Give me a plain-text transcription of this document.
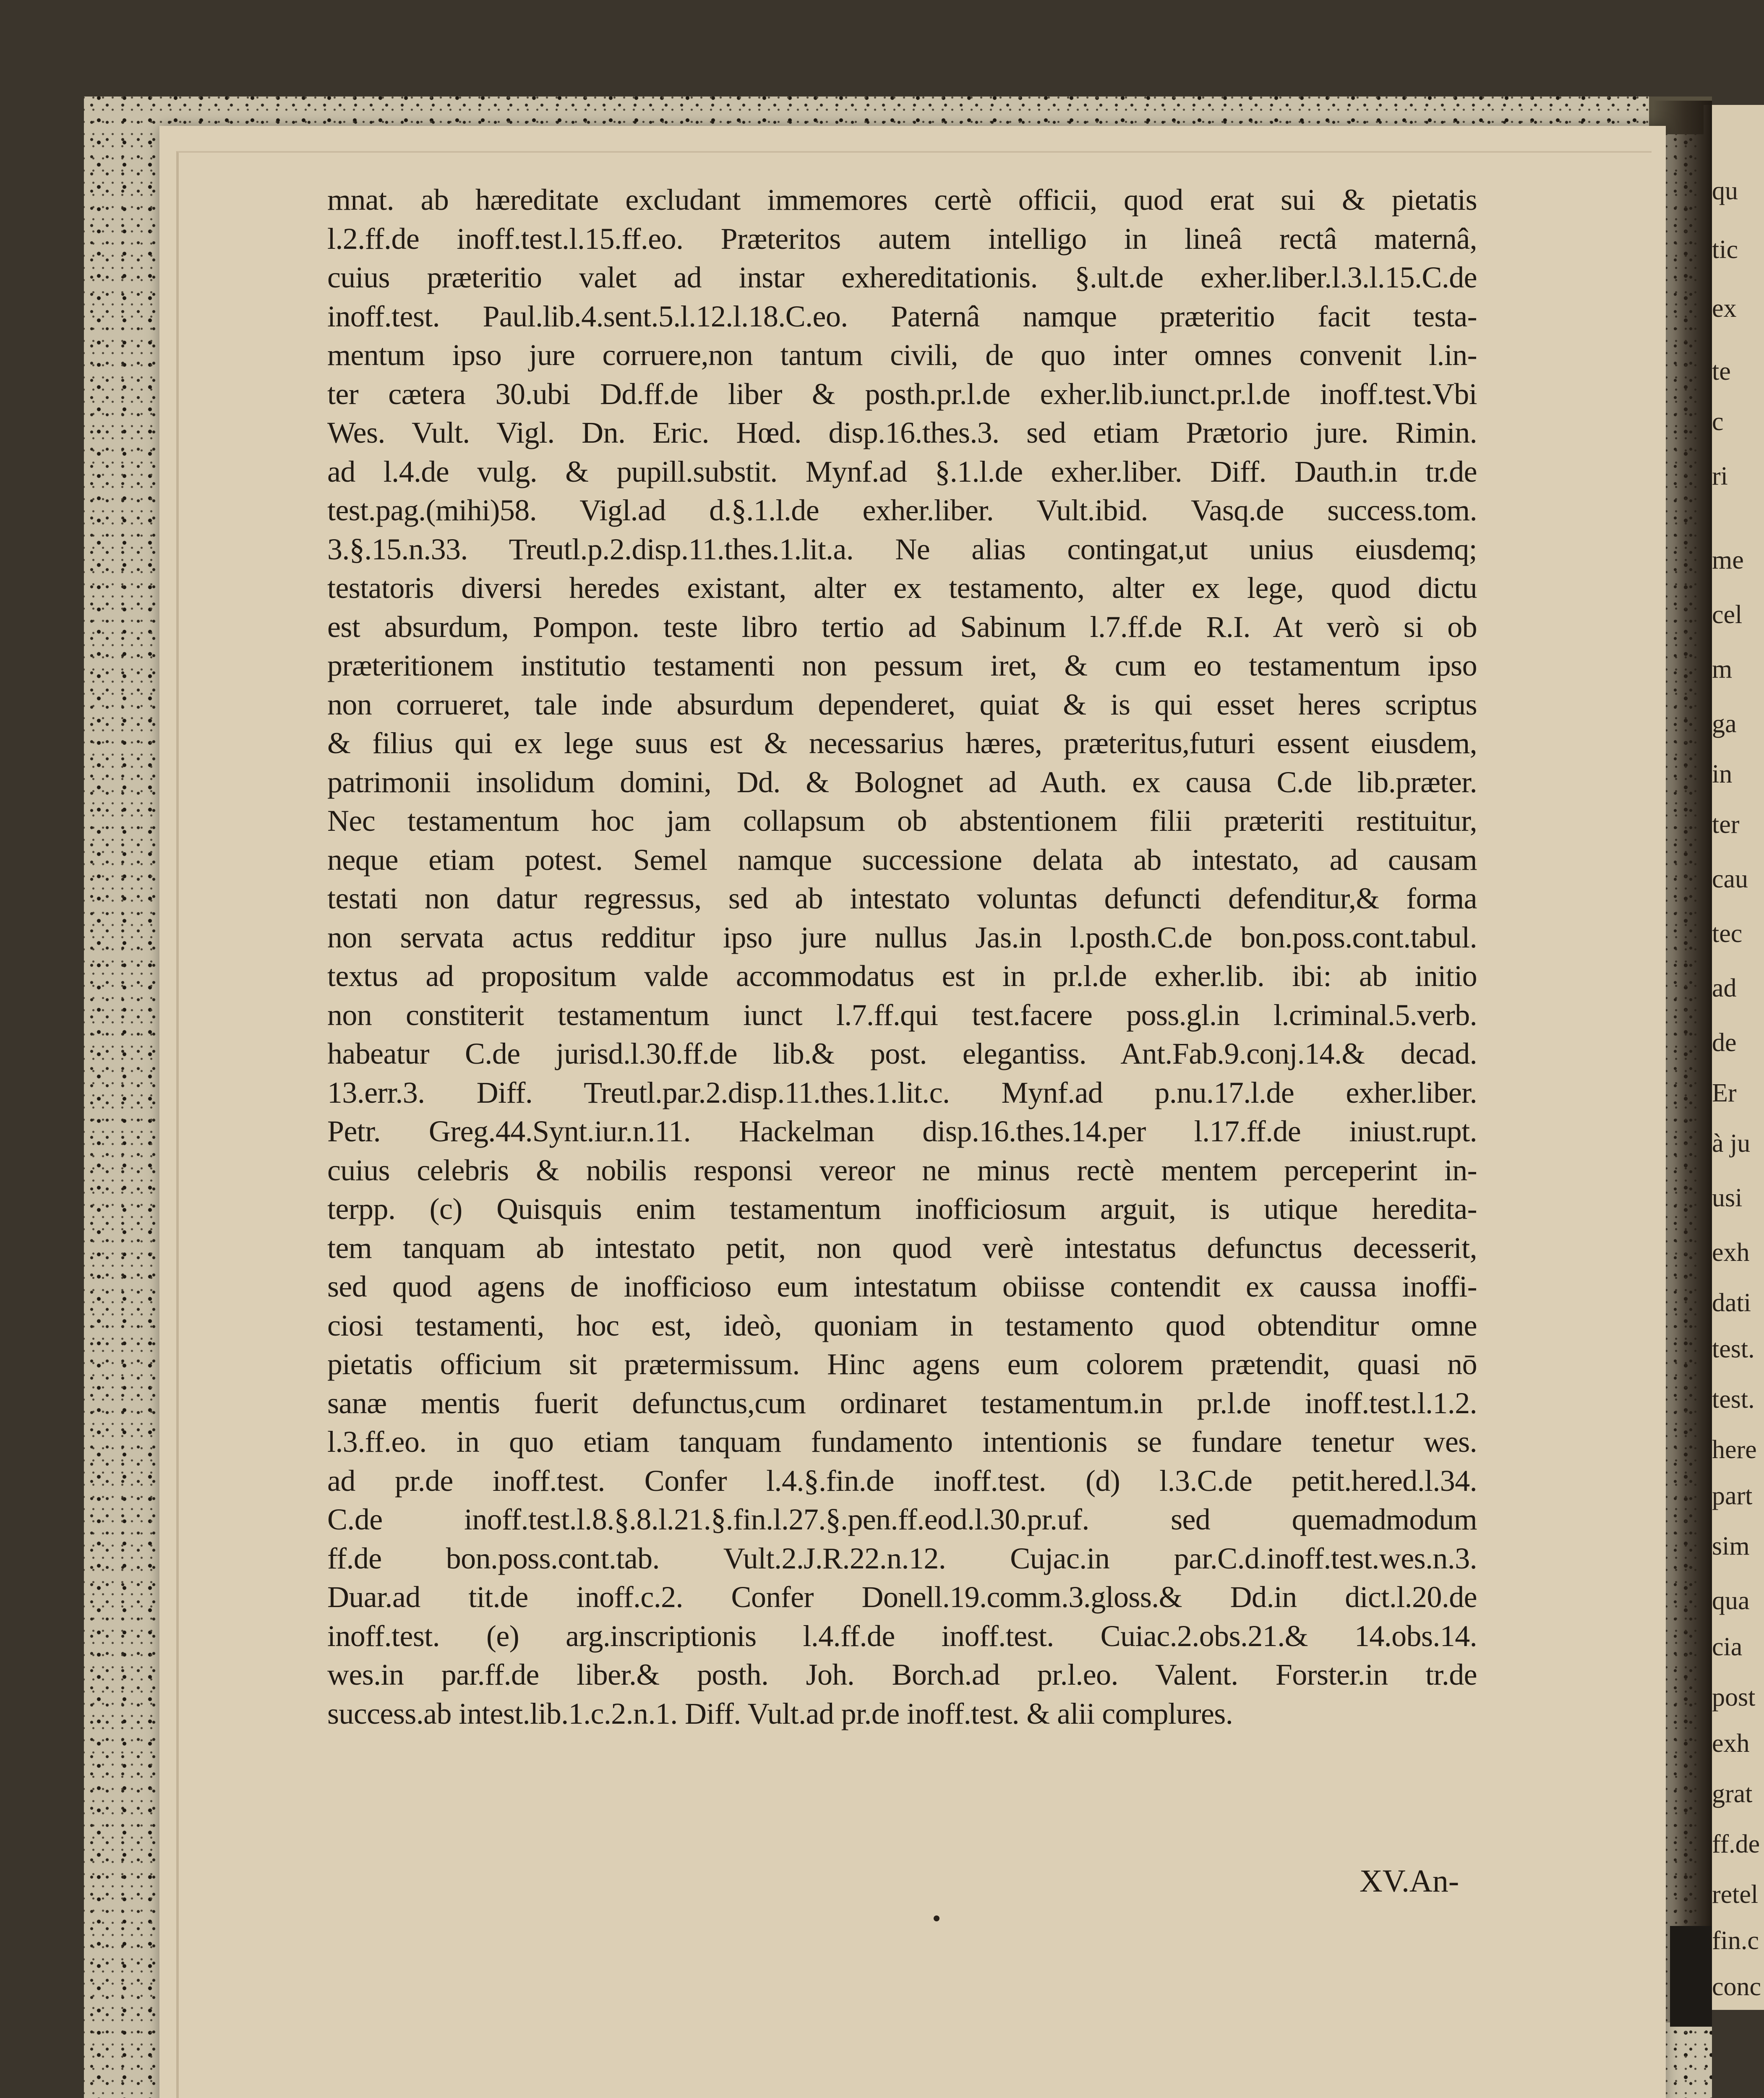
qu
tic
ex
te
c
ri
me
cel
m
ga
in
ter
cau
tec
ad
de
Er
à ju
usi
exh
dati
test.
test.
here
part
sim
qua
cia
post
exh
grat
ff.de
retel
fin.c
conc
mnat. ab hæreditate excludant immemores certè officii, quod erat sui & pietatis
l.2.ff.de inoff.test.l.15.ff.eo. Præteritos autem intelligo in lineâ rectâ maternâ,
cuius præteritio valet ad instar exhereditationis. §.ult.de exher.liber.l.3.l.15.C.de
inoff.test. Paul.lib.4.sent.5.l.12.l.18.C.eo. Paternâ namque præteritio facit testa-
mentum ipso jure corruere,non tantum civili, de quo inter omnes convenit l.in-
ter cætera 30.ubi Dd.ff.de liber & posth.pr.l.de exher.lib.iunct.pr.l.de inoff.test.Vbi
Wes. Vult. Vigl. Dn. Eric. Hœd. disp.16.thes.3. sed etiam Prætorio jure. Rimin.
ad l.4.de vulg. & pupill.substit. Mynf.ad §.1.l.de exher.liber. Diff. Dauth.in tr.de
test.pag.(mihi)58. Vigl.ad d.§.1.l.de exher.liber. Vult.ibid. Vasq.de success.tom.
3.§.15.n.33. Treutl.p.2.disp.11.thes.1.lit.a. Ne alias contingat,ut unius eiusdemq;
testatoris diversi heredes existant, alter ex testamento, alter ex lege, quod dictu
est absurdum, Pompon. teste libro tertio ad Sabinum l.7.ff.de R.I. At verò si ob
præteritionem institutio testamenti non pessum iret, & cum eo testamentum ipso
non corrueret, tale inde absurdum dependeret, quiat & is qui esset heres scriptus
& filius qui ex lege suus est & necessarius hæres, præteritus,futuri essent eiusdem,
patrimonii insolidum domini, Dd. & Bolognet ad Auth. ex causa C.de lib.præter.
Nec testamentum hoc jam collapsum ob abstentionem filii præteriti restituitur,
neque etiam potest. Semel namque successione delata ab intestato, ad causam
testati non datur regressus, sed ab intestato voluntas defuncti defenditur,& forma
non servata actus redditur ipso jure nullus Jas.in l.posth.C.de bon.poss.cont.tabul.
textus ad propositum valde accommodatus est in pr.l.de exher.lib. ibi: ab initio
non constiterit testamentum iunct l.7.ff.qui test.facere poss.gl.in l.criminal.5.verb.
habeatur C.de jurisd.l.30.ff.de lib.& post. elegantiss. Ant.Fab.9.conj.14.& decad.
13.err.3. Diff. Treutl.par.2.disp.11.thes.1.lit.c. Mynf.ad p.nu.17.l.de exher.liber.
Petr. Greg.44.Synt.iur.n.11. Hackelman disp.16.thes.14.per l.17.ff.de iniust.rupt.
cuius celebris & nobilis responsi vereor ne minus rectè mentem perceperint in-
terpp. (c) Quisquis enim testamentum inofficiosum arguit, is utique heredita-
tem tanquam ab intestato petit, non quod verè intestatus defunctus decesserit,
sed quod agens de inofficioso eum intestatum obiisse contendit ex caussa inoffi-
ciosi testamenti, hoc est, ideò, quoniam in testamento quod obtenditur omne
pietatis officium sit prætermissum. Hinc agens eum colorem prætendit, quasi nō
sanæ mentis fuerit defunctus,cum ordinaret testamentum.in pr.l.de inoff.test.l.1.2.
l.3.ff.eo. in quo etiam tanquam fundamento intentionis se fundare tenetur wes.
ad pr.de inoff.test. Confer l.4.§.fin.de inoff.test. (d) l.3.C.de petit.hered.l.34.
C.de inoff.test.l.8.§.8.l.21.§.fin.l.27.§.pen.ff.eod.l.30.pr.uf. sed quemadmodum
ff.de bon.poss.cont.tab. Vult.2.J.R.22.n.12. Cujac.in par.C.d.inoff.test.wes.n.3.
Duar.ad tit.de inoff.c.2. Confer Donell.19.comm.3.gloss.& Dd.in dict.l.20.de
inoff.test. (e) arg.inscriptionis l.4.ff.de inoff.test. Cuiac.2.obs.21.& 14.obs.14.
wes.in par.ff.de liber.& posth. Joh. Borch.ad pr.l.eo. Valent. Forster.in tr.de
success.ab intest.lib.1.c.2.n.1. Diff. Vult.ad pr.de inoff.test. & alii complures.
XV.An-
